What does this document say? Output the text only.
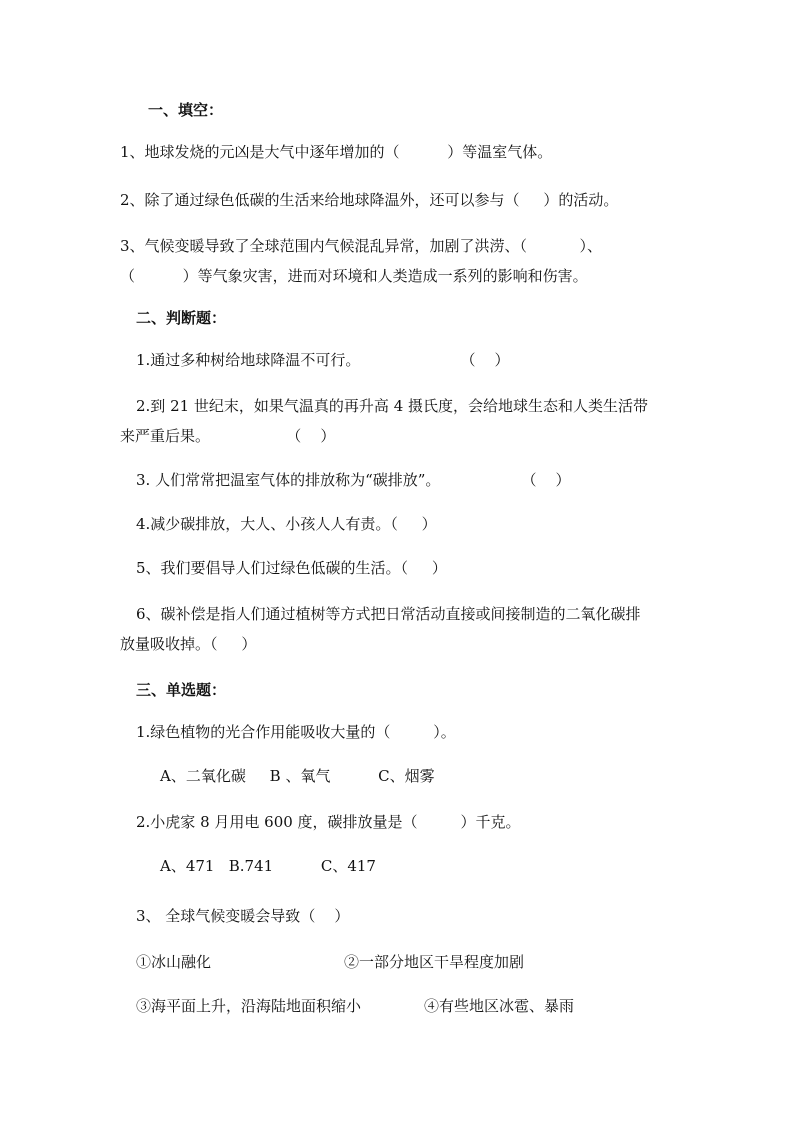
一、填空：
1、地球发烧的元凶是大气中逐年增加的（          ）等温室气体。
2、除了通过绿色低碳的生活来给地球降温外，还可以参与（     ）的活动。
3、气候变暖导致了全球范围内气候混乱异常，加剧了洪涝、（           ）、
（          ）等气象灾害，进而对环境和人类造成一系列的影响和伤害。
二、判断题：
1.通过多种树给地球降温不可行。                     （    ）
2.到 21 世纪末，如果气温真的再升高 4 摄氏度，会给地球生态和人类生活带
来严重后果。                （    ）
3. 人们常常把温室气体的排放称为“碳排放”。                 （    ）
4.减少碳排放，大人、小孩人人有责。（     ）
5、我们要倡导人们过绿色低碳的生活。（     ）
6、碳补偿是指人们通过植树等方式把日常活动直接或间接制造的二氧化碳排
放量吸收掉。（     ）
三、单选题：
1.绿色植物的光合作用能吸收大量的（         ）。
A、二氧化碳     B 、氧气          C、烟雾
2.小虎家 8 月用电 600 度，碳排放量是（         ）千克。
A、471   B.741          C、417
3、 全球气候变暖会导致（    ）
①冰山融化	②一部分地区干旱程度加剧
③海平面上升，沿海陆地面积缩小	④有些地区冰雹、暴雨
